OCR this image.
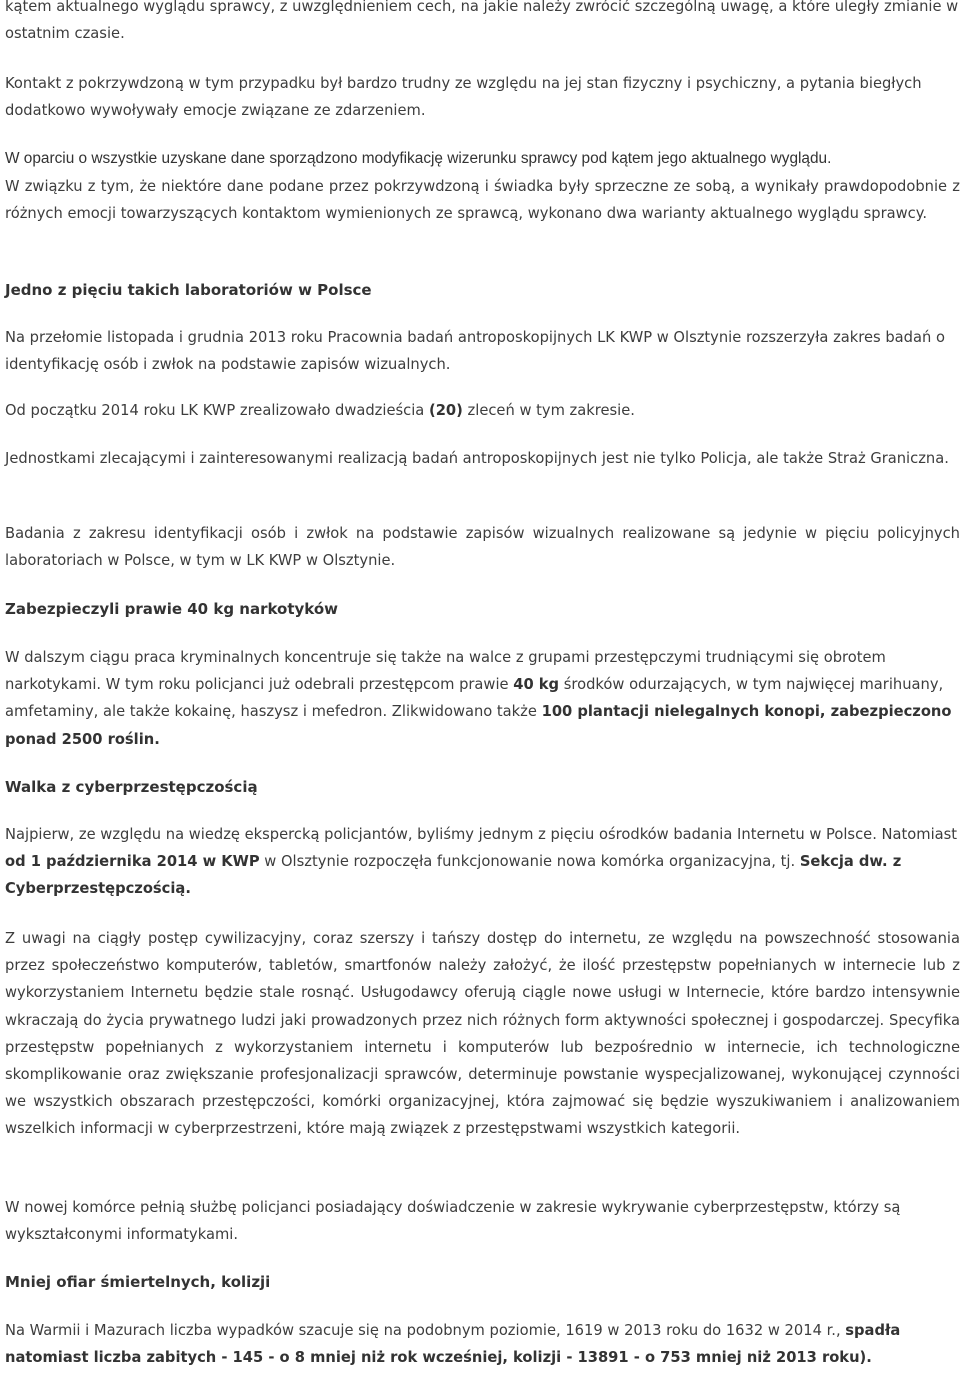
kątem aktualnego wyglądu sprawcy, z uwzględnieniem cech, na jakie należy zwrócić szczególną uwagę, a które uległy zmianie w ostatnim czasie.

Kontakt z pokrzywdzoną w tym przypadku był bardzo trudny ze względu na jej stan fizyczny i psychiczny, a pytania biegłych dodatkowo wywoływały emocje związane ze zdarzeniem.

W oparciu o wszystkie uzyskane dane sporządzono modyfikację wizerunku sprawcy pod kątem jego aktualnego wyglądu.

W związku z tym, że niektóre dane podane przez pokrzywdzoną i świadka były sprzeczne ze sobą, a wynikały prawdopodobnie z różnych emocji towarzyszących kontaktom wymienionych ze sprawcą, wykonano dwa warianty aktualnego wyglądu sprawcy.

Jedno z pięciu takich laboratoriów w Polsce

Na przełomie listopada i grudnia 2013 roku Pracownia badań antroposkopijnych LK KWP w Olsztynie rozszerzyła zakres badań o identyfikację osób i zwłok na podstawie zapisów wizualnych.

Od początku 2014 roku LK KWP zrealizowało dwadzieścia (20) zleceń w tym zakresie.

Jednostkami zlecającymi i zainteresowanymi realizacją badań antroposkopijnych jest nie tylko Policja, ale także Straż Graniczna.

Badania z zakresu identyfikacji osób i zwłok na podstawie zapisów wizualnych realizowane są jedynie w pięciu policyjnych laboratoriach w Polsce, w tym w LK KWP w Olsztynie.

Zabezpieczyli prawie 40 kg narkotyków

W dalszym ciągu praca kryminalnych koncentruje się także na walce z grupami przestępczymi trudniącymi się obrotem narkotykami. W tym roku policjanci już odebrali przestępcom prawie 40 kg środków odurzających, w tym najwięcej marihuany, amfetaminy, ale także kokainę, haszysz i mefedron. Zlikwidowano także 100 plantacji nielegalnych konopi, zabezpieczono ponad 2500 roślin.

Walka z cyberprzestępczością

Najpierw, ze względu na wiedzę ekspercką policjantów, byliśmy jednym z pięciu ośrodków badania Internetu w Polsce. Natomiast od 1 października 2014 w KWP w Olsztynie rozpoczęła funkcjonowanie nowa komórka organizacyjna, tj. Sekcja dw. z Cyberprzestępczością.

Z uwagi na ciągły postęp cywilizacyjny, coraz szerszy i tańszy dostęp do internetu, ze względu na powszechność stosowania przez społeczeństwo komputerów, tabletów, smartfonów należy założyć, że ilość przestępstw popełnianych w internecie lub z wykorzystaniem Internetu będzie stale rosnąć. Usługodawcy oferują ciągle nowe usługi w Internecie, które bardzo intensywnie wkraczają do życia prywatnego ludzi jaki prowadzonych przez nich różnych form aktywności społecznej i gospodarczej. Specyfika przestępstw popełnianych z wykorzystaniem internetu i komputerów lub bezpośrednio w internecie, ich technologiczne skomplikowanie oraz zwiększanie profesjonalizacji sprawców, determinuje powstanie wyspecjalizowanej, wykonującej czynności we wszystkich obszarach przestępczości, komórki organizacyjnej, która zajmować się będzie wyszukiwaniem i analizowaniem wszelkich informacji w cyberprzestrzeni, które mają związek z przestępstwami wszystkich kategorii.

W nowej komórce pełnią służbę policjanci posiadający doświadczenie w zakresie wykrywanie cyberprzestępstw, którzy są wykształconymi informatykami.

Mniej ofiar śmiertelnych, kolizji

Na Warmii i Mazurach liczba wypadków szacuje się na podobnym poziomie, 1619 w 2013 roku do 1632 w 2014 r., spadła natomiast liczba zabitych - 145 - o 8 mniej niż rok wcześniej, kolizji - 13891 - o 753 mniej niż 2013 roku).
